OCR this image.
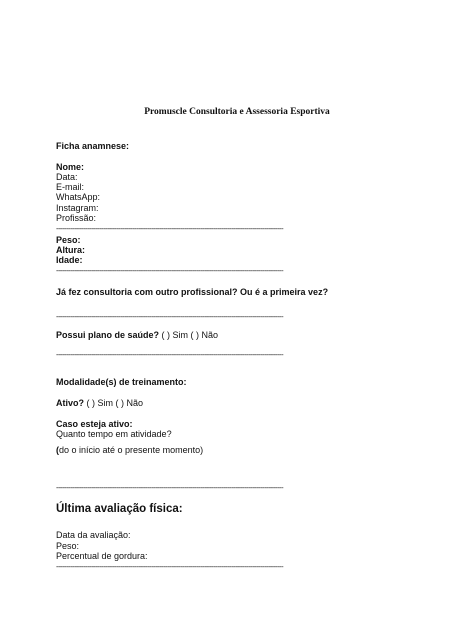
Promuscle Consultoria e Assessoria Esportiva
Ficha anamnese:
Nome:
Data:
E-mail:
WhatsApp:
Instagram:
Profissão:
--------------------------------------------------------------------------------------------------------------
Peso:
Altura:
Idade:
--------------------------------------------------------------------------------------------------------------
Já fez consultoria com outro profissional? Ou é a primeira vez?
--------------------------------------------------------------------------------------------------------------
Possui plano de saúde? ( ) Sim ( ) Não
--------------------------------------------------------------------------------------------------------------
Modalidade(s) de treinamento:
Ativo? ( ) Sim ( ) Não
Caso esteja ativo:
Quanto tempo em atividade?
(do o início até o presente momento)
--------------------------------------------------------------------------------------------------------------
Última avaliação física:
Data da avaliação:
Peso:
Percentual de gordura:
--------------------------------------------------------------------------------------------------------------
